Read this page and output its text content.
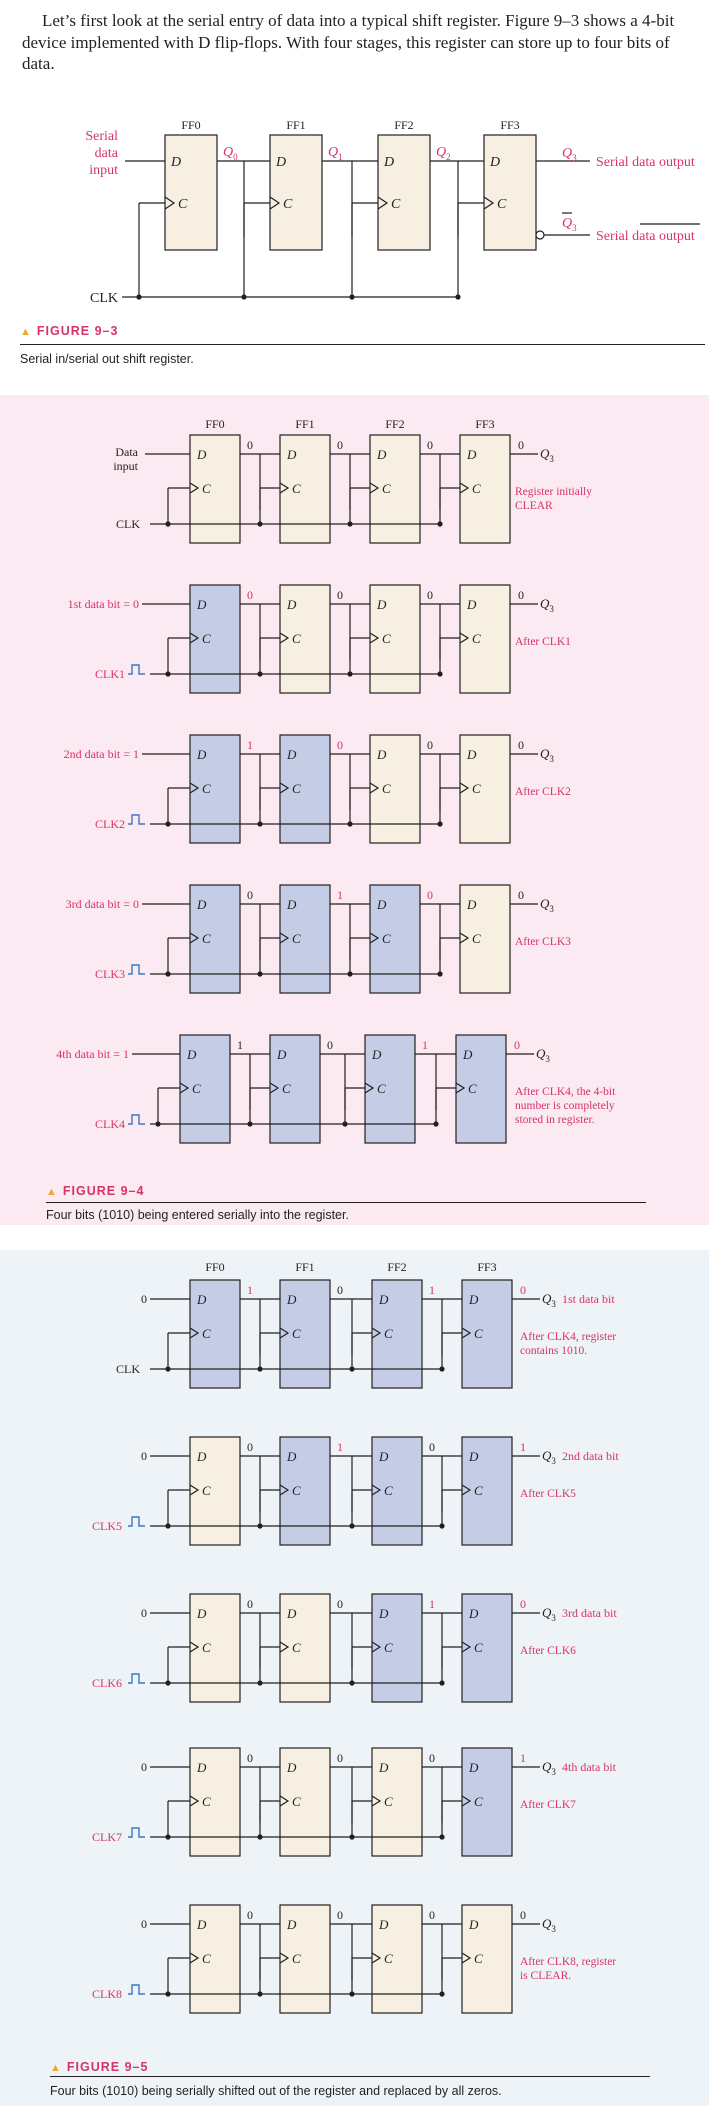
Let’s first look at the serial entry of data into a typical shift register. Figure 9–3 shows a 4-bit device implemented with D flip-flops. With four stages, this register can store up to four bits of data.

FF0	FF1	FF2	FF3
D
C
D
C
D
C
D
C
Serial
data
input
$Q_0$	$Q_1$	$Q_2$	$Q_3$ Serial data output
$Q_3$
Serial data output
CLK
▲ FIGURE 9–3
Serial in/serial out shift register.
FF0	FF1	FF2	FF3
Data
input
D
C
D
C
D
C
D
C
0	0	0	0
CLK
$Q_3$
Register initially
CLEAR
D
C
D
C
D
C
D
C
0	0	0	0
CLK1
1st data bit = 0	$Q_3$
After CLK1
D
C
D
C
D
C
D
C
1	0	0	0
CLK2
2nd data bit = 1	$Q_3$
After CLK2
D
C
D
C
D
C
D
C
0	1	0	0
CLK3
3rd data bit = 0	$Q_3$
After CLK3
D
C
D
C
D
C
D
C
1	0	1	0
CLK4
4th data bit = 1	$Q_3$
After CLK4, the 4-bit
number is completely
stored in register.
▲ FIGURE 9–4
Four bits (1010) being entered serially into the register.
FF0	FF1	FF2	FF3
D
C
D
C
D
C
D
C
1	0	1	0
CLK
0	$Q_3$ 1st data bit
After CLK4, register
contains 1010.
D
C
D
C
D
C
D
C
0	1	0	1
CLK5
0	$Q_3$ 2nd data bit
After CLK5
D
C
D
C
D
C
D
C
0	0	1	0
CLK6
0	$Q_3$ 3rd data bit
After CLK6
D
C
D
C
D
C
D
C
0	0	0	1
CLK7
0	$Q_3$ 4th data bit
After CLK7
D
C
D
C
D
C
D
C
0	0	0	0
CLK8
0	$Q_3$
After CLK8, register
is CLEAR.
▲ FIGURE 9–5
Four bits (1010) being serially shifted out of the register and replaced by all zeros.
